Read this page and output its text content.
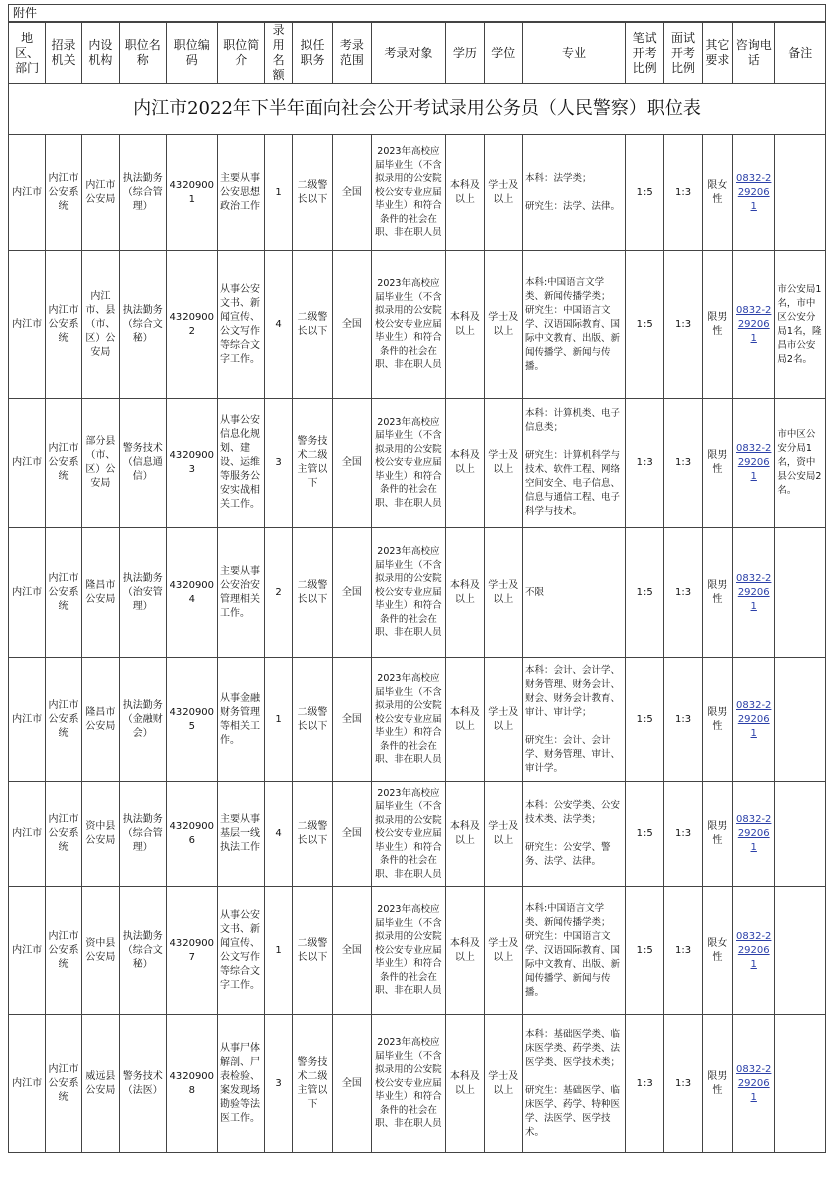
附件
内江市2022年下半年面向社会公开考试录用公务员（人民警察）职位表																	
地区、部门	招录机关	内设机构	职位名称	职位编码	职位简介	录用名额	拟任职务	考录范围	考录对象	学历	学位	专业	笔试开考比例	面试开考比例	其它要求	咨询电话	备注
内江市	内江市公安系统	内江市公安局	执法勤务（综合管理）	43209001	主要从事公安思想政治工作	1	二级警长以下	全国	2023年高校应届毕业生（不含拟录用的公安院校公安专业应届毕业生）和符合条件的社会在职、非在职人员	本科及以上	学士及以上	本科：法学类；

研究生：法学、法律。	1:5	1:3	限女性	0832-2292061	
内江市	内江市公安系统	内江市、县（市、区）公安局	执法勤务（综合文秘）	43209002	从事公安文书、新闻宣传、公文写作等综合文字工作。	4	二级警长以下	全国	2023年高校应届毕业生（不含拟录用的公安院校公安专业应届毕业生）和符合条件的社会在职、非在职人员	本科及以上	学士及以上	本科:中国语言文学类、新闻传播学类；
研究生：中国语言文学、汉语国际教育、国际中文教育、出版、新闻传播学、新闻与传播。	1:5	1:3	限男性	0832-2292061	市公安局1名，市中区公安分局1名，隆昌市公安局2名。
内江市	内江市公安系统	部分县（市、区）公安局	警务技术（信息通信）	43209003	从事公安信息化规划、建设、运维等服务公安实战相关工作。	3	警务技术二级主管以下	全国	2023年高校应届毕业生（不含拟录用的公安院校公安专业应届毕业生）和符合条件的社会在职、非在职人员	本科及以上	学士及以上	本科：计算机类、电子信息类；

研究生：计算机科学与技术、软件工程、网络空间安全、电子信息、信息与通信工程、电子科学与技术。	1:3	1:3	限男性	0832-2292061	市中区公安分局1名，资中县公安局2名。
内江市	内江市公安系统	隆昌市公安局	执法勤务（治安管理）	43209004	主要从事公安治安管理相关工作。	2	二级警长以下	全国	2023年高校应届毕业生（不含拟录用的公安院校公安专业应届毕业生）和符合条件的社会在职、非在职人员	本科及以上	学士及以上	不限	1:5	1:3	限男性	0832-2292061	
内江市	内江市公安系统	隆昌市公安局	执法勤务（金融财会）	43209005	从事金融财务管理等相关工作。	1	二级警长以下	全国	2023年高校应届毕业生（不含拟录用的公安院校公安专业应届毕业生）和符合条件的社会在职、非在职人员	本科及以上	学士及以上	本科：会计、会计学、财务管理、财务会计、财会、财务会计教育、审计、审计学；

研究生：会计、会计学、财务管理、审计、审计学。	1:5	1:3	限男性	0832-2292061	
内江市	内江市公安系统	资中县公安局	执法勤务（综合管理）	43209006	主要从事基层一线执法工作	4	二级警长以下	全国	2023年高校应届毕业生（不含拟录用的公安院校公安专业应届毕业生）和符合条件的社会在职、非在职人员	本科及以上	学士及以上	本科：公安学类、公安技术类、法学类；

研究生：公安学、警务、法学、法律。	1:5	1:3	限男性	0832-2292061	
内江市	内江市公安系统	资中县公安局	执法勤务（综合文秘）	43209007	从事公安文书、新闻宣传、公文写作等综合文字工作。	1	二级警长以下	全国	2023年高校应届毕业生（不含拟录用的公安院校公安专业应届毕业生）和符合条件的社会在职、非在职人员	本科及以上	学士及以上	本科:中国语言文学类、新闻传播学类；
研究生：中国语言文学、汉语国际教育、国际中文教育、出版、新闻传播学、新闻与传播。	1:5	1:3	限女性	0832-2292061	
内江市	内江市公安系统	威远县公安局	警务技术（法医）	43209008	从事尸体解剖、尸表检验、案发现场勘验等法医工作。	3	警务技术二级主管以下	全国	2023年高校应届毕业生（不含拟录用的公安院校公安专业应届毕业生）和符合条件的社会在职、非在职人员	本科及以上	学士及以上	本科：基础医学类、临床医学类、药学类、法医学类、医学技术类；

研究生：基础医学、临床医学、药学、特种医学、法医学、医学技术。	1:3	1:3	限男性	0832-2292061	
